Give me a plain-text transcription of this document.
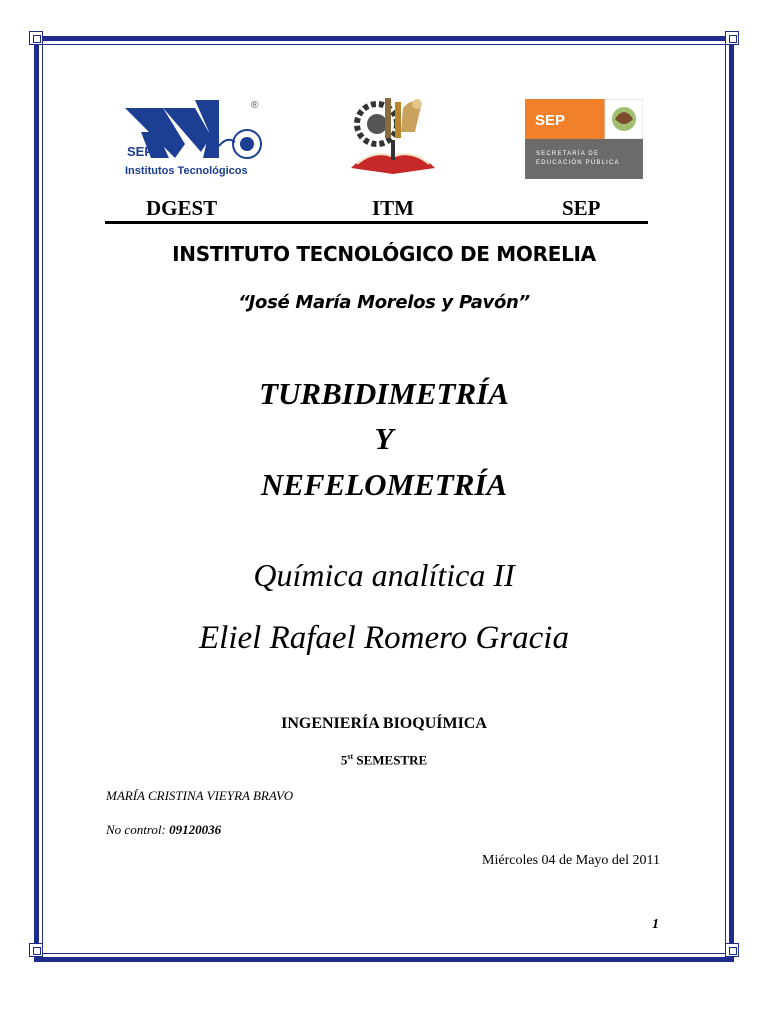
SEP
Institutos Tecnológicos
®
SEP
SECRETARÍA DE
EDUCACIÓN PÚBLICA
DGEST	ITM	SEP
INSTITUTO TECNOLÓGICO DE MORELIA
“José María Morelos y Pavón”
TURBIDIMETRÍA
Y
NEFELOMETRÍA
Química analítica II
Eliel Rafael Romero Gracia
INGENIERÍA BIOQUÍMICA
5st SEMESTRE
MARÍA CRISTINA VIEYRA BRAVO
No control: 09120036
Miércoles 04 de Mayo del 2011
1
